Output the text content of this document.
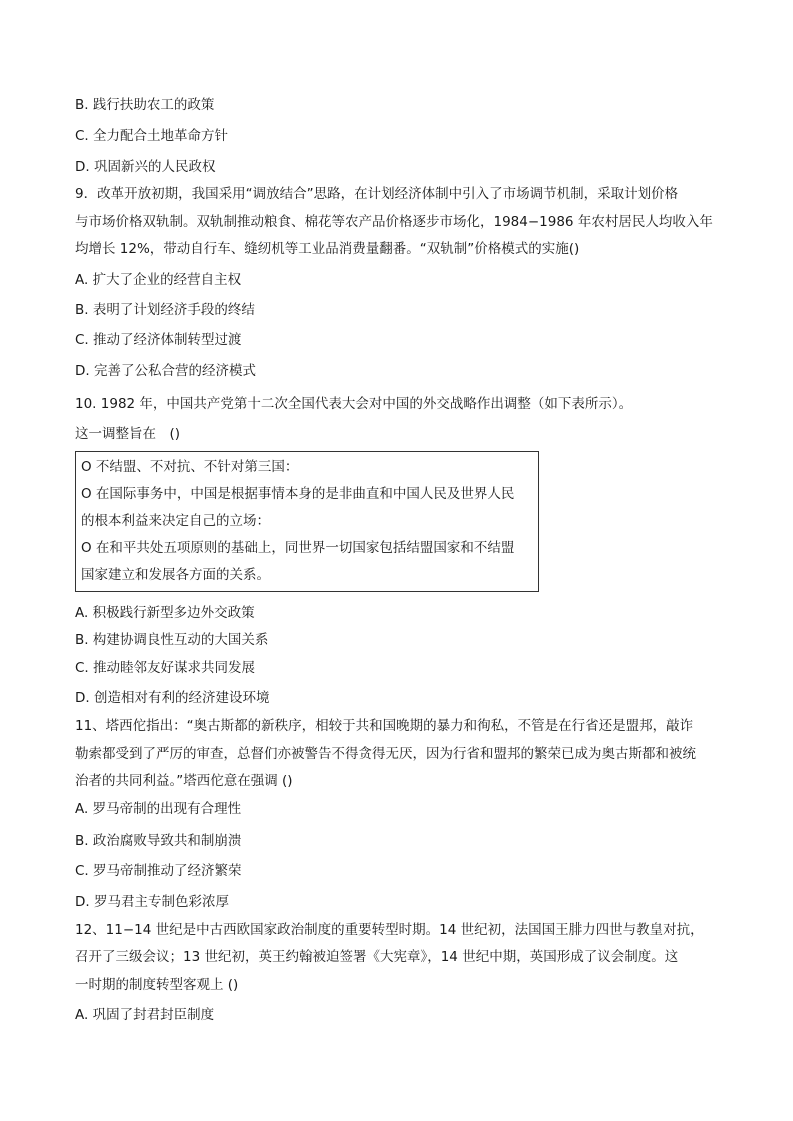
B. 践行扶助农工的政策
C. 全力配合土地革命方针
D. 巩固新兴的人民政权
9．改革开放初期，我国采用“调放结合”思路，在计划经济体制中引入了市场调节机制，采取计划价格
与市场价格双轨制。双轨制推动粮食、棉花等农产品价格逐步市场化，1984−1986 年农村居民人均收入年
均增长 12%，带动自行车、缝纫机等工业品消费量翻番。“双轨制”价格模式的实施()
A. 扩大了企业的经营自主权
B. 表明了计划经济手段的终结
C. 推动了经济体制转型过渡
D. 完善了公私合营的经济模式
10. 1982 年，中国共产党第十二次全国代表大会对中国的外交战略作出调整（如下表所示）。
这一调整旨在　()
O 不结盟、不对抗、不针对第三国：
O 在国际事务中，中国是根据事情本身的是非曲直和中国人民及世界人民
的根本利益来决定自己的立场：
O 在和平共处五项原则的基础上，同世界一切国家包括结盟国家和不结盟
国家建立和发展各方面的关系。
A. 积极践行新型多边外交政策
B. 构建协调良性互动的大国关系
C. 推动睦邻友好谋求共同发展
D. 创造相对有利的经济建设环境
11、塔西佗指出：“奥古斯都的新秩序，相较于共和国晚期的暴力和徇私，不管是在行省还是盟邦，敲诈
勒索都受到了严厉的审查，总督们亦被警告不得贪得无厌，因为行省和盟邦的繁荣已成为奥古斯都和被统
治者的共同利益。”塔西佗意在强调 ()
A. 罗马帝制的出现有合理性
B. 政治腐败导致共和制崩溃
C. 罗马帝制推动了经济繁荣
D. 罗马君主专制色彩浓厚
12、11−14 世纪是中古西欧国家政治制度的重要转型时期。14 世纪初，法国国王腓力四世与教皇对抗，
召开了三级会议；13 世纪初，英王约翰被迫签署《大宪章》，14 世纪中期，英国形成了议会制度。这
一时期的制度转型客观上 ()
A. 巩固了封君封臣制度
